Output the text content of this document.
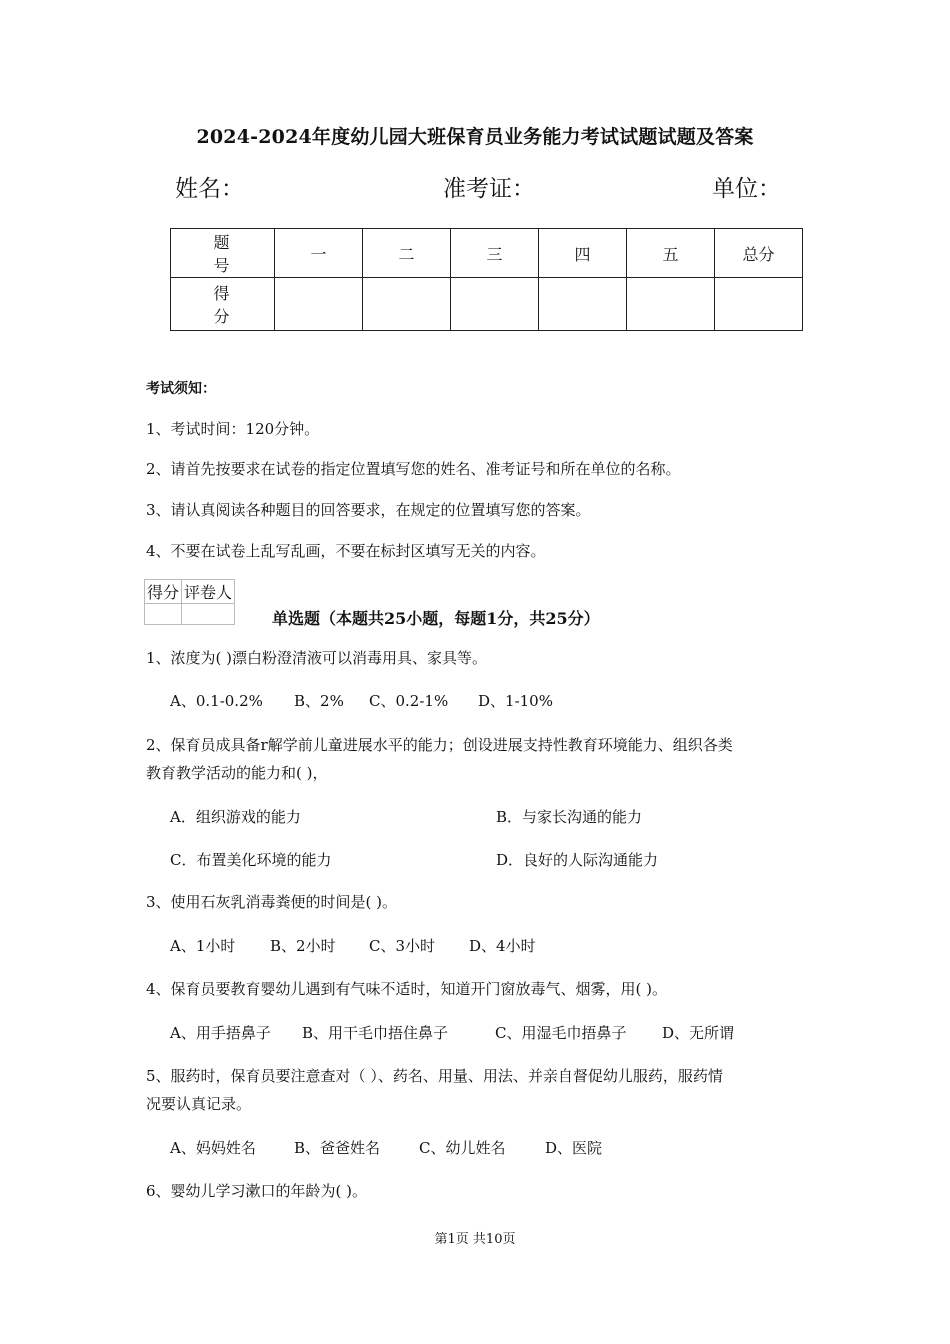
2024-2024年度幼儿园大班保育员业务能力考试试题试题及答案
姓名：	准考证：	单位：
题 号	一	二	三	四	五	总分
得 分						
考试须知：
1、考试时间：120分钟。
2、请首先按要求在试卷的指定位置填写您的姓名、准考证号和所在单位的名称。
3、请认真阅读各种题目的回答要求，在规定的位置填写您的答案。
4、不要在试卷上乱写乱画，不要在标封区填写无关的内容。
得分	评卷人

单选题（本题共25小题，每题1分，共25分）
1、浓度为( )漂白粉澄清液可以消毒用具、家具等。
A、0.1-0.2% B、2% C、0.2-1% D、1-10%
2、保育员成具备r解学前儿童进展水平的能力；创设进展支持性教育环境能力、组织各类
教育教学活动的能力和( )，
A．组织游戏的能力	B．与家长沟通的能力
C．布置美化环境的能力	D．良好的人际沟通能力
3、使用石灰乳消毒粪便的时间是( )。
A、1小时 B、2小时 C、3小时 D、4小时
4、保育员要教育婴幼儿遇到有气味不适时，知道开门窗放毒气、烟雾，用( )。
A、用手捂鼻子 B、用干毛巾捂住鼻子	C、用湿毛巾捂鼻子 D、无所谓
5、服药时，保育员要注意查对（ ）、药名、用量、用法、并亲自督促幼儿服药，服药情
况要认真记录。
A、妈妈姓名	B、爸爸姓名	C、幼儿姓名	D、医院
6、婴幼儿学习漱口的年龄为( )。
第1页 共10页
